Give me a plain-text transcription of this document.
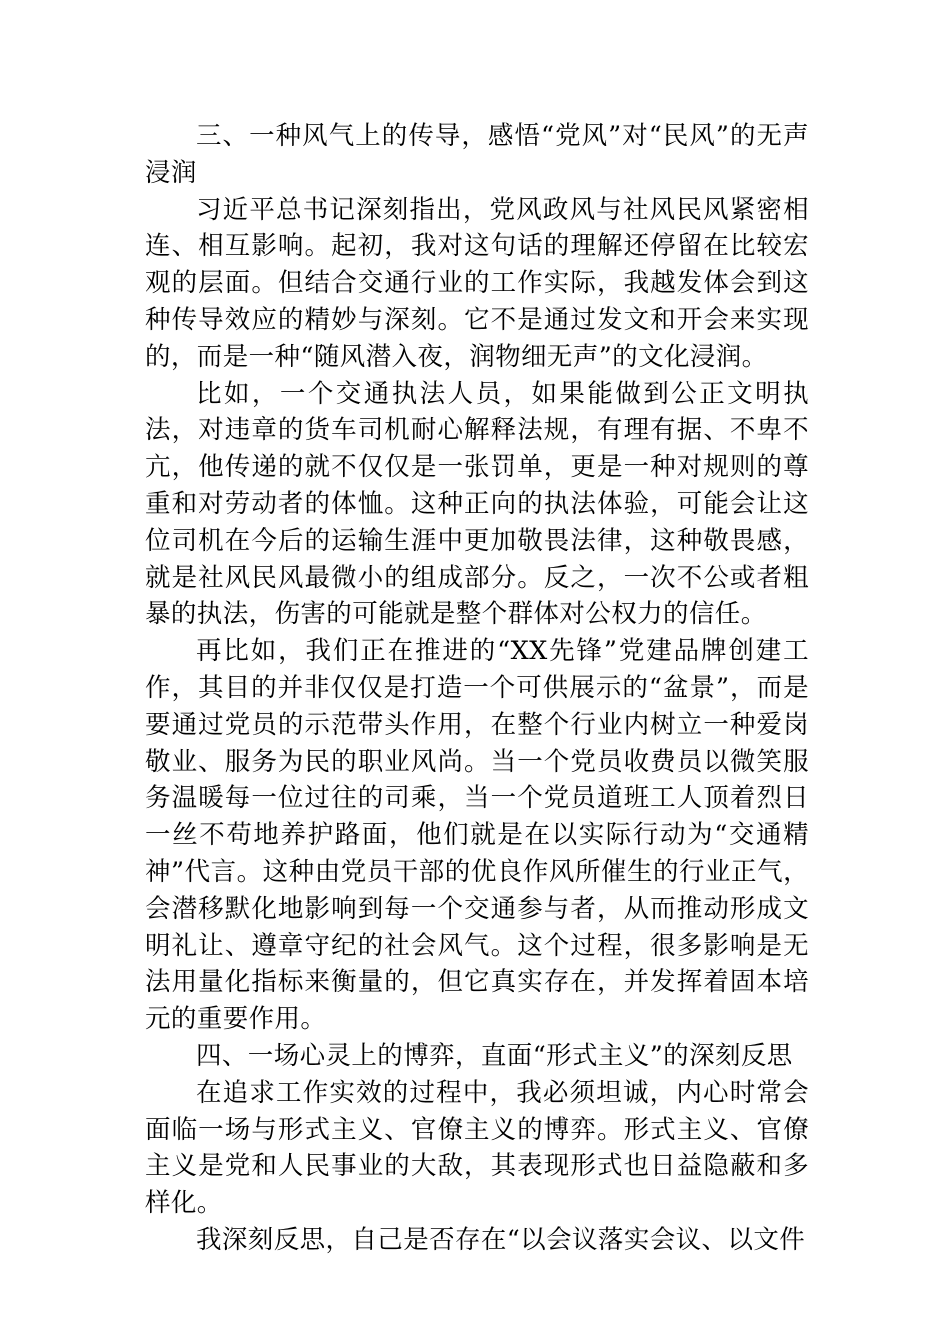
三、一种风气上的传导，感悟“党风”对“民风”的无声浸润

习近平总书记深刻指出，党风政风与社风民风紧密相连、相互影响。起初，我对这句话的理解还停留在比较宏观的层面。但结合交通行业的工作实际，我越发体会到这种传导效应的精妙与深刻。它不是通过发文和开会来实现的，而是一种“随风潜入夜，润物细无声”的文化浸润。

比如，一个交通执法人员，如果能做到公正文明执法，对违章的货车司机耐心解释法规，有理有据、不卑不亢，他传递的就不仅仅是一张罚单，更是一种对规则的尊重和对劳动者的体恤。这种正向的执法体验，可能会让这位司机在今后的运输生涯中更加敬畏法律，这种敬畏感，就是社风民风最微小的组成部分。反之，一次不公或者粗暴的执法，伤害的可能就是整个群体对公权力的信任。

再比如，我们正在推进的“XX先锋”党建品牌创建工作，其目的并非仅仅是打造一个可供展示的“盆景”，而是要通过党员的示范带头作用，在整个行业内树立一种爱岗敬业、服务为民的职业风尚。当一个党员收费员以微笑服务温暖每一位过往的司乘，当一个党员道班工人顶着烈日一丝不苟地养护路面，他们就是在以实际行动为“交通精神”代言。这种由党员干部的优良作风所催生的行业正气，会潜移默化地影响到每一个交通参与者，从而推动形成文明礼让、遵章守纪的社会风气。这个过程，很多影响是无法用量化指标来衡量的，但它真实存在，并发挥着固本培元的重要作用。

四、一场心灵上的博弈，直面“形式主义”的深刻反思

在追求工作实效的过程中，我必须坦诚，内心时常会面临一场与形式主义、官僚主义的博弈。形式主义、官僚主义是党和人民事业的大敌，其表现形式也日益隐蔽和多样化。

我深刻反思，自己是否存在“以会议落实会议、以文件
